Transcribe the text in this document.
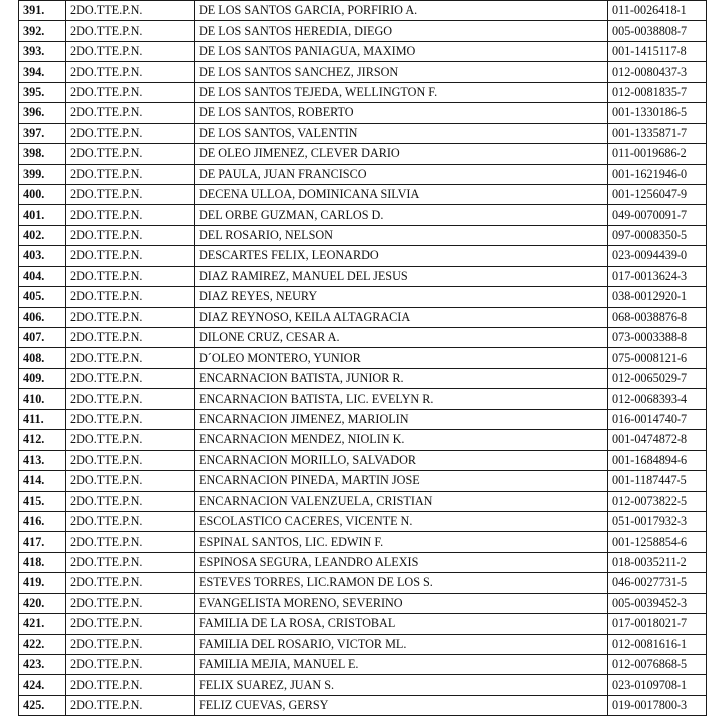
391.	2DO.TTE.P.N.	DE LOS SANTOS GARCIA, PORFIRIO A.	011-0026418-1
392.	2DO.TTE.P.N.	DE LOS SANTOS HEREDIA, DIEGO	005-0038808-7
393.	2DO.TTE.P.N.	DE LOS SANTOS PANIAGUA, MAXIMO	001-1415117-8
394.	2DO.TTE.P.N.	DE LOS SANTOS SANCHEZ, JIRSON	012-0080437-3
395.	2DO.TTE.P.N.	DE LOS SANTOS TEJEDA, WELLINGTON F.	012-0081835-7
396.	2DO.TTE.P.N.	DE LOS SANTOS, ROBERTO	001-1330186-5
397.	2DO.TTE.P.N.	DE LOS SANTOS, VALENTIN	001-1335871-7
398.	2DO.TTE.P.N.	DE OLEO JIMENEZ, CLEVER DARIO	011-0019686-2
399.	2DO.TTE.P.N.	DE PAULA, JUAN FRANCISCO	001-1621946-0
400.	2DO.TTE.P.N.	DECENA ULLOA, DOMINICANA SILVIA	001-1256047-9
401.	2DO.TTE.P.N.	DEL ORBE GUZMAN, CARLOS D.	049-0070091-7
402.	2DO.TTE.P.N.	DEL ROSARIO, NELSON	097-0008350-5
403.	2DO.TTE.P.N.	DESCARTES FELIX, LEONARDO	023-0094439-0
404.	2DO.TTE.P.N.	DIAZ RAMIREZ, MANUEL DEL JESUS	017-0013624-3
405.	2DO.TTE.P.N.	DIAZ REYES, NEURY	038-0012920-1
406.	2DO.TTE.P.N.	DIAZ REYNOSO, KEILA ALTAGRACIA	068-0038876-8
407.	2DO.TTE.P.N.	DILONE CRUZ, CESAR A.	073-0003388-8
408.	2DO.TTE.P.N.	D´OLEO MONTERO, YUNIOR	075-0008121-6
409.	2DO.TTE.P.N.	ENCARNACION BATISTA, JUNIOR R.	012-0065029-7
410.	2DO.TTE.P.N.	ENCARNACION BATISTA, LIC. EVELYN R.	012-0068393-4
411.	2DO.TTE.P.N.	ENCARNACION JIMENEZ, MARIOLIN	016-0014740-7
412.	2DO.TTE.P.N.	ENCARNACION MENDEZ, NIOLIN K.	001-0474872-8
413.	2DO.TTE.P.N.	ENCARNACION MORILLO, SALVADOR	001-1684894-6
414.	2DO.TTE.P.N.	ENCARNACION PINEDA, MARTIN JOSE	001-1187447-5
415.	2DO.TTE.P.N.	ENCARNACION VALENZUELA, CRISTIAN	012-0073822-5
416.	2DO.TTE.P.N.	ESCOLASTICO CACERES, VICENTE N.	051-0017932-3
417.	2DO.TTE.P.N.	ESPINAL SANTOS, LIC. EDWIN F.	001-1258854-6
418.	2DO.TTE.P.N.	ESPINOSA SEGURA, LEANDRO ALEXIS	018-0035211-2
419.	2DO.TTE.P.N.	ESTEVES TORRES, LIC.RAMON DE LOS S.	046-0027731-5
420.	2DO.TTE.P.N.	EVANGELISTA MORENO, SEVERINO	005-0039452-3
421.	2DO.TTE.P.N.	FAMILIA DE LA ROSA, CRISTOBAL	017-0018021-7
422.	2DO.TTE.P.N.	FAMILIA DEL ROSARIO, VICTOR ML.	012-0081616-1
423.	2DO.TTE.P.N.	FAMILIA MEJIA, MANUEL E.	012-0076868-5
424.	2DO.TTE.P.N.	FELIX SUAREZ, JUAN S.	023-0109708-1
425.	2DO.TTE.P.N.	FELIZ CUEVAS, GERSY	019-0017800-3
